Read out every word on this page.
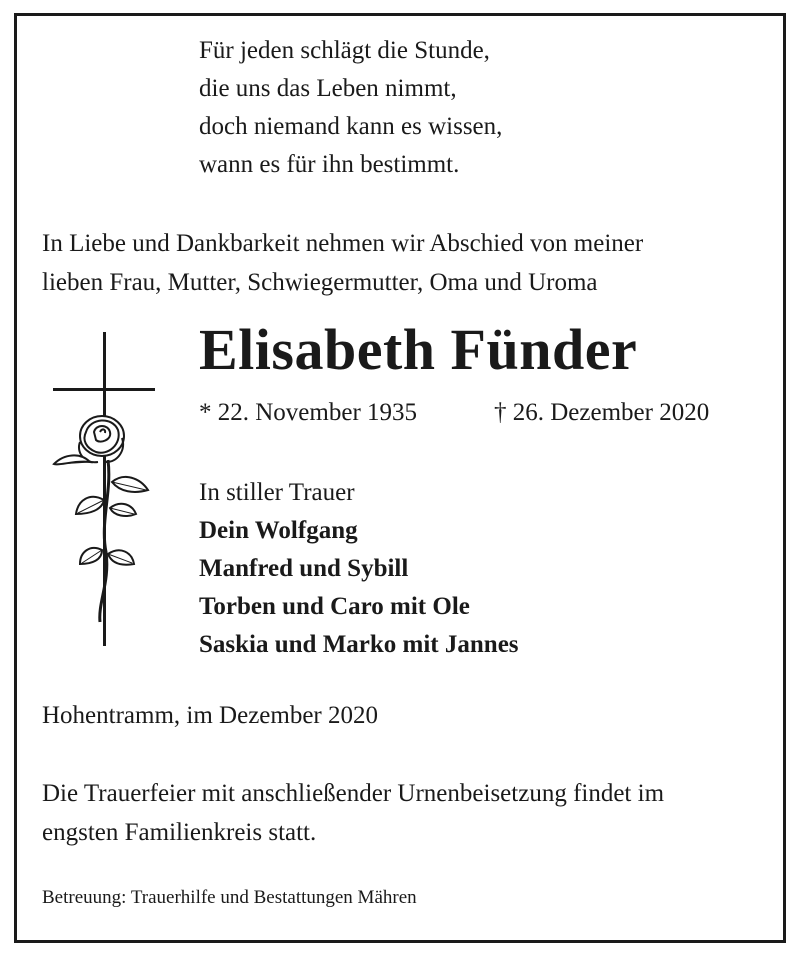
Für jeden schlägt die Stunde,
die uns das Leben nimmt,
doch niemand kann es wissen,
wann es für ihn bestimmt.
In Liebe und Dankbarkeit nehmen wir Abschied von meiner
lieben Frau, Mutter, Schwiegermutter, Oma und Uroma
Elisabeth Fünder
* 22. November 1935	† 26. Dezember 2020
In stiller Trauer
Dein Wolfgang
Manfred und Sybill
Torben und Caro mit Ole
Saskia und Marko mit Jannes
Hohentramm, im Dezember 2020
Die Trauerfeier mit anschließender Urnenbeisetzung findet im
engsten Familienkreis statt.
Betreuung: Trauerhilfe und Bestattungen Mähren
